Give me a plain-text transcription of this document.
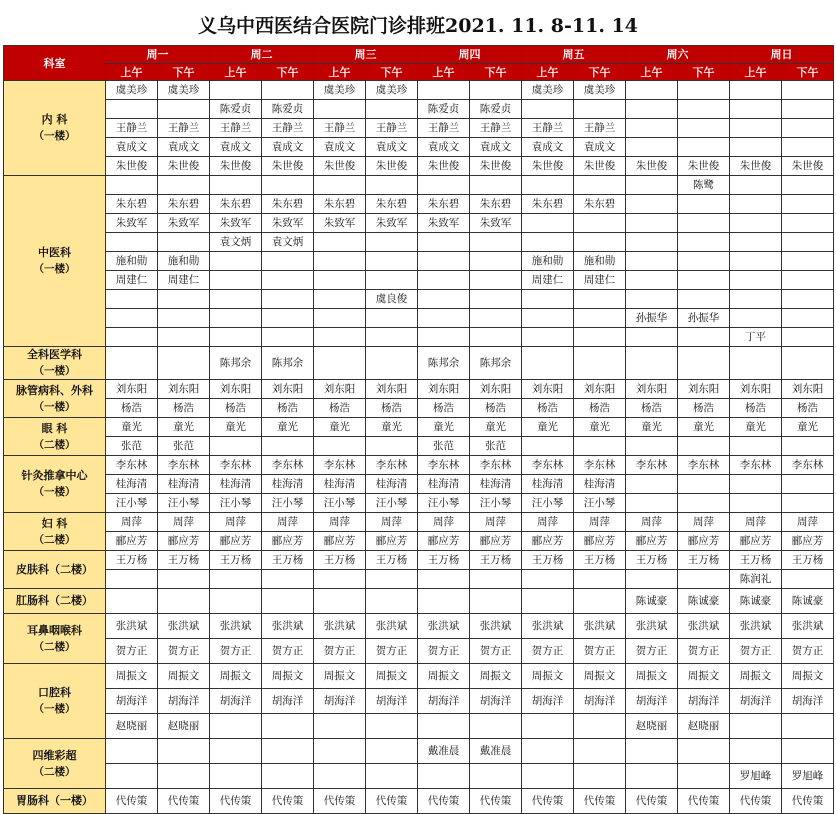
义乌中西医结合医院门诊排班2021. 11. 8-11. 14
科室	周一		周二		周三		周四		周五		周六		周日	
	上午	下午	上午	下午	上午	下午	上午	下午	上午	下午	上午	下午	上午	下午

内 科
（一楼）	虞美珍	虞美珍			虞美珍	虞美珍			虞美珍	虞美珍				
			陈爱贞	陈爱贞			陈爱贞	陈爱贞						
	王静兰	王静兰	王静兰	王静兰	王静兰	王静兰	王静兰	王静兰	王静兰	王静兰				
	袁成文	袁成文	袁成文	袁成文	袁成文	袁成文	袁成文	袁成文	袁成文	袁成文				
	朱世俊	朱世俊	朱世俊	朱世俊	朱世俊	朱世俊	朱世俊	朱世俊	朱世俊	朱世俊	朱世俊	朱世俊	朱世俊	朱世俊

中医科
（一楼）												陈鹭		
	朱东碧	朱东碧	朱东碧	朱东碧	朱东碧	朱东碧	朱东碧	朱东碧	朱东碧	朱东碧				
	朱致军	朱致军	朱致军	朱致军	朱致军	朱致军	朱致军	朱致军						
			袁文炳	袁文炳										
	施和勋	施和勋							施和勋	施和勋				
	周建仁	周建仁							周建仁	周建仁				
						虞良俊								
											孙振华	孙振华		
													丁平	

全科医学科
（一楼）			陈邦余	陈邦余			陈邦余	陈邦余						

脉管病科、外科
（一楼）	刘东阳	刘东阳	刘东阳	刘东阳	刘东阳	刘东阳	刘东阳	刘东阳	刘东阳	刘东阳	刘东阳	刘东阳	刘东阳	刘东阳
	杨浩	杨浩	杨浩	杨浩	杨浩	杨浩	杨浩	杨浩	杨浩	杨浩	杨浩	杨浩	杨浩	杨浩

眼 科
（二楼）	童光	童光	童光	童光	童光	童光	童光	童光	童光	童光	童光	童光	童光	童光
	张范	张范					张范	张范						

针灸推拿中心
（一楼）	李东林	李东林	李东林	李东林	李东林	李东林	李东林	李东林	李东林	李东林	李东林	李东林	李东林	李东林
	桂海清	桂海清	桂海清	桂海清	桂海清	桂海清	桂海清	桂海清	桂海清	桂海清				
	汪小琴	汪小琴	汪小琴	汪小琴	汪小琴	汪小琴	汪小琴	汪小琴	汪小琴	汪小琴				

妇 科
（二楼）	周萍	周萍	周萍	周萍	周萍	周萍	周萍	周萍	周萍	周萍	周萍	周萍	周萍	周萍
	郦应芳	郦应芳	郦应芳	郦应芳	郦应芳	郦应芳	郦应芳	郦应芳	郦应芳	郦应芳	郦应芳	郦应芳	郦应芳	郦应芳

皮肤科（二楼）	王万杨	王万杨	王万杨	王万杨	王万杨	王万杨	王万杨	王万杨	王万杨	王万杨	王万杨	王万杨	王万杨	王万杨
													陈润礼	

肛肠科（二楼）											陈诚豪	陈诚豪	陈诚豪	陈诚豪

耳鼻咽喉科
（二楼）	张洪斌	张洪斌	张洪斌	张洪斌	张洪斌	张洪斌	张洪斌	张洪斌	张洪斌	张洪斌	张洪斌	张洪斌	张洪斌	张洪斌
	贺方正	贺方正	贺方正	贺方正	贺方正	贺方正	贺方正	贺方正	贺方正	贺方正	贺方正	贺方正	贺方正	贺方正

口腔科
（一楼）	周振文	周振文	周振文	周振文	周振文	周振文	周振文	周振文	周振文	周振文	周振文	周振文	周振文	周振文
	胡海洋	胡海洋	胡海洋	胡海洋	胡海洋	胡海洋	胡海洋	胡海洋	胡海洋	胡海洋	胡海洋	胡海洋	胡海洋	胡海洋
	赵晓丽	赵晓丽									赵晓丽	赵晓丽		

四维彩超
（二楼）							戴准晨	戴准晨						
													罗旭峰	罗旭峰

胃肠科（一楼）	代传策	代传策	代传策	代传策	代传策	代传策	代传策	代传策	代传策	代传策	代传策	代传策	代传策	代传策
